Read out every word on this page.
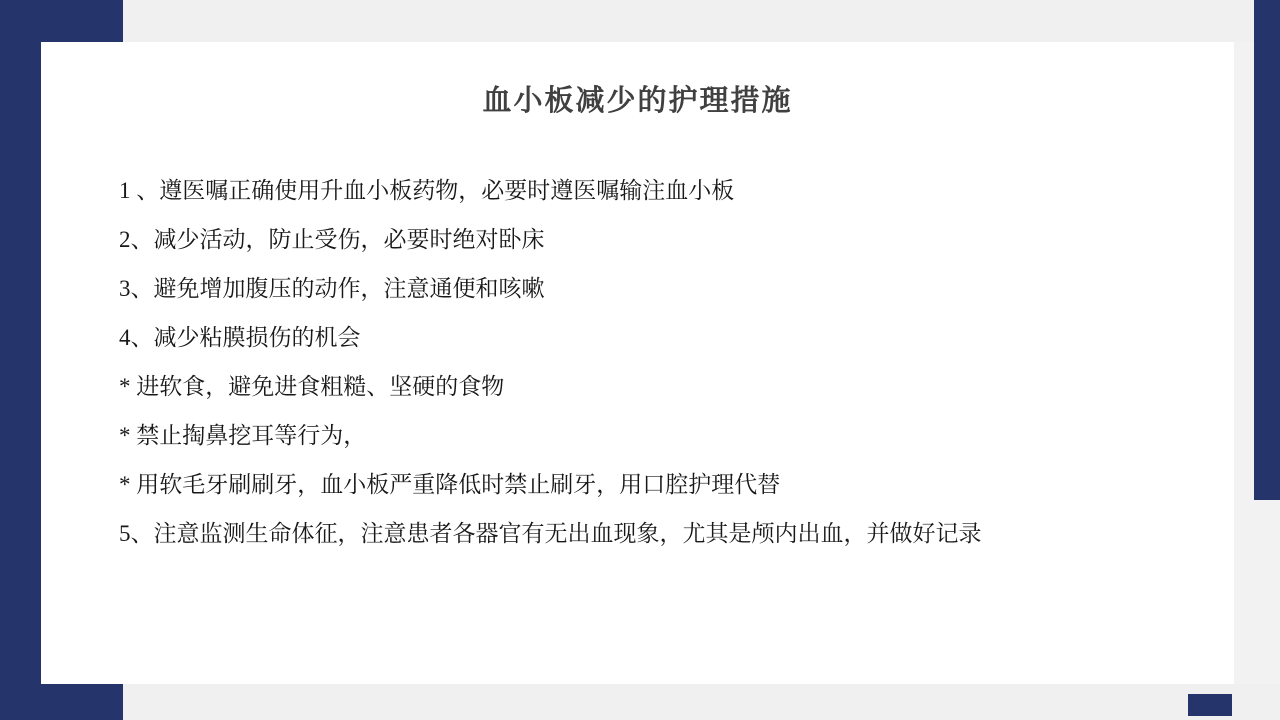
血小板减少的护理措施
1 、遵医嘱正确使用升血小板药物，必要时遵医嘱输注血小板
2、减少活动，防止受伤，必要时绝对卧床
3、避免增加腹压的动作，注意通便和咳嗽
4、减少粘膜损伤的机会
* 进软食，避免进食粗糙、坚硬的食物
* 禁止掏鼻挖耳等行为，
* 用软毛牙刷刷牙，血小板严重降低时禁止刷牙，用口腔护理代替
5、注意监测生命体征，注意患者各器官有无出血现象，尤其是颅内出血，并做好记录
